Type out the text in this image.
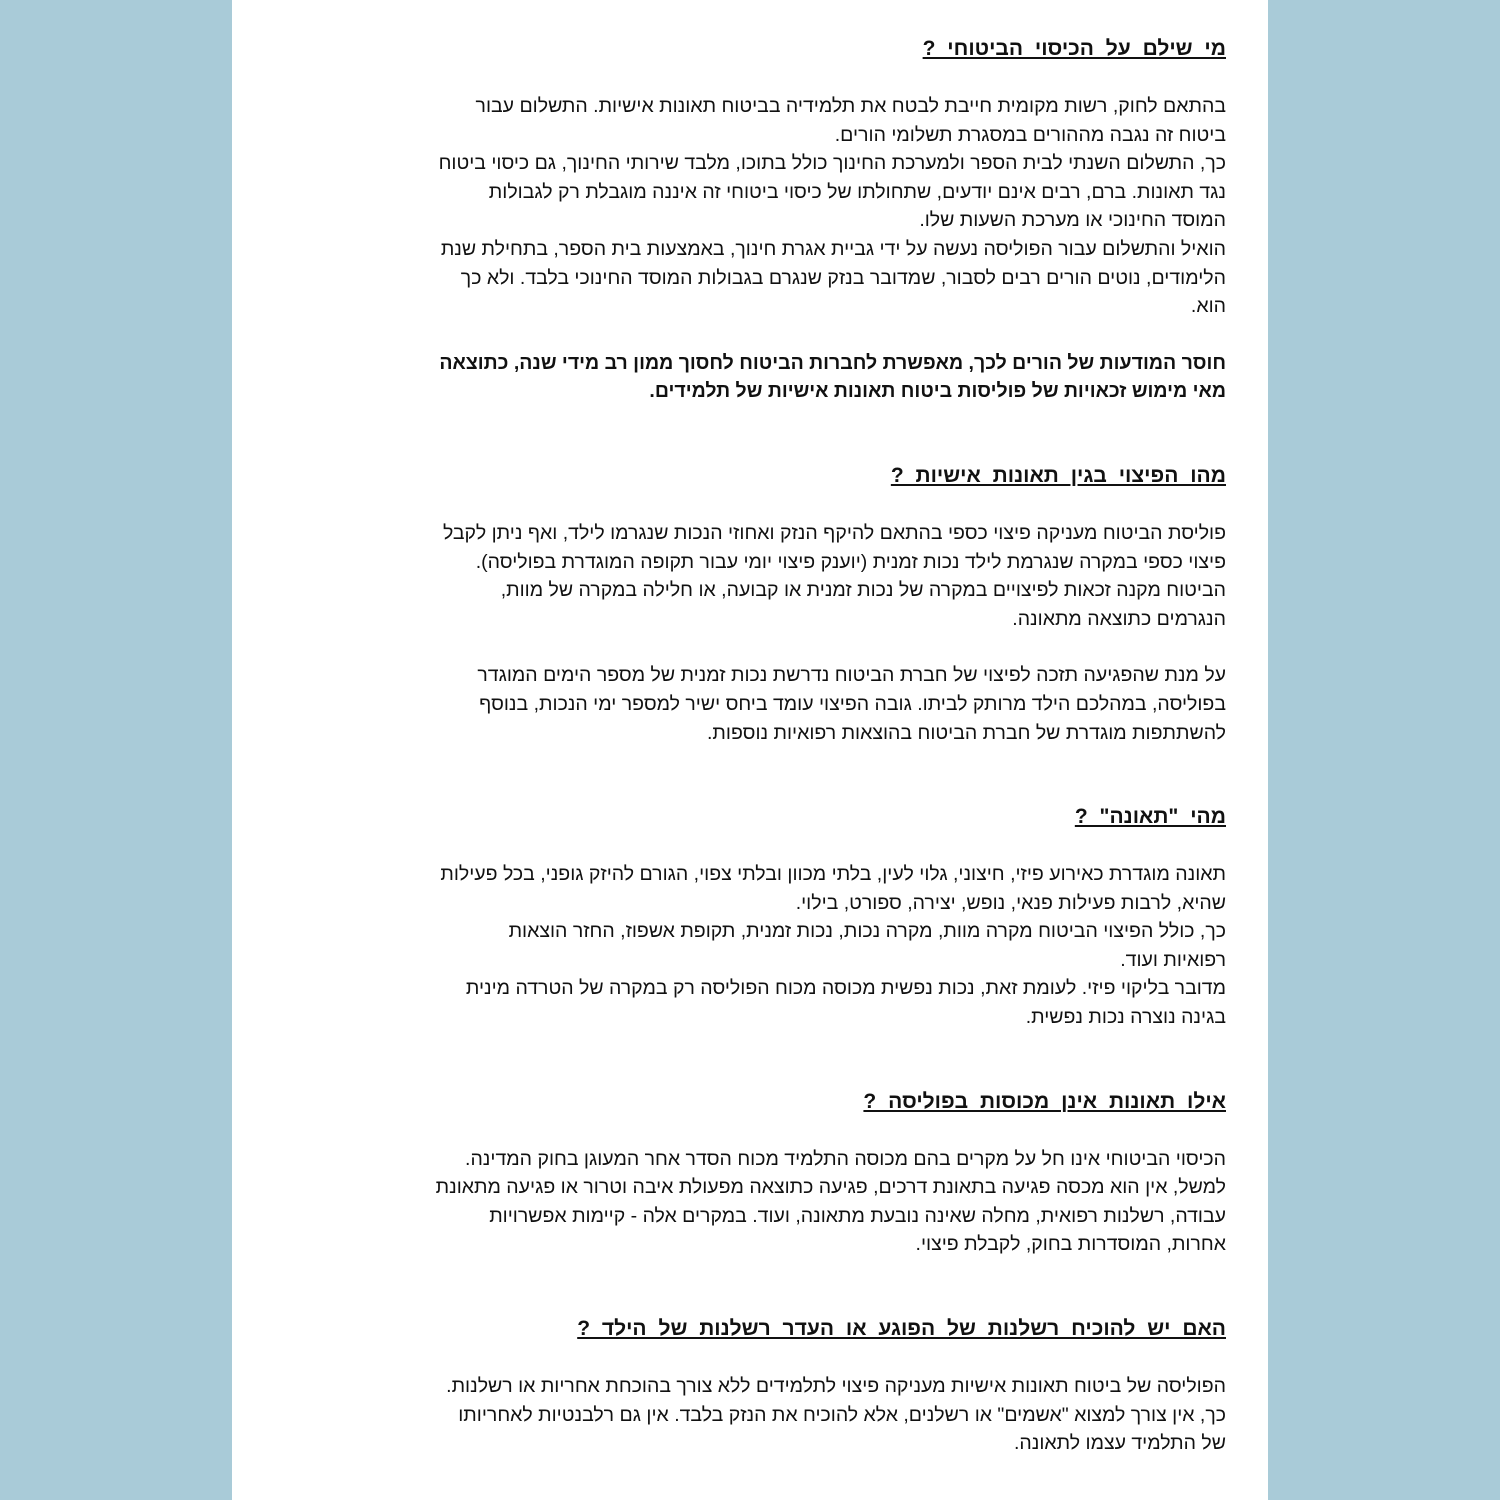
מי שילם על הכיסוי הביטוחי ?

בהתאם לחוק, רשות מקומית חייבת לבטח את תלמידיה בביטוח תאונות אישיות. התשלום עבור

ביטוח זה נגבה מההורים במסגרת תשלומי הורים.

כך, התשלום השנתי לבית הספר ולמערכת החינוך כולל בתוכו, מלבד שירותי החינוך, גם כיסוי ביטוח

נגד תאונות. ברם, רבים אינם יודעים, שתחולתו של כיסוי ביטוחי זה איננה מוגבלת רק לגבולות

המוסד החינוכי או מערכת השעות שלו.

הואיל והתשלום עבור הפוליסה נעשה על ידי גביית אגרת חינוך, באמצעות בית הספר, בתחילת שנת

הלימודים, נוטים הורים רבים לסבור, שמדובר בנזק שנגרם בגבולות המוסד החינוכי בלבד. ולא כך

הוא.

חוסר המודעות של הורים לכך, מאפשרת לחברות הביטוח לחסוך ממון רב מידי שנה, כתוצאה

מאי מימוש זכאויות של פוליסות ביטוח תאונות אישיות של תלמידים.

מהו הפיצוי בגין תאונות אישיות ?

פוליסת הביטוח מעניקה פיצוי כספי בהתאם להיקף הנזק ואחוזי הנכות שנגרמו לילד, ואף ניתן לקבל

פיצוי כספי במקרה שנגרמת לילד נכות זמנית (יוענק פיצוי יומי עבור תקופה המוגדרת בפוליסה).

הביטוח מקנה זכאות לפיצויים במקרה של נכות זמנית או קבועה, או חלילה במקרה של מוות,

הנגרמים כתוצאה מתאונה.

על מנת שהפגיעה תזכה לפיצוי של חברת הביטוח נדרשת נכות זמנית של מספר הימים המוגדר

בפוליסה, במהלכם הילד מרותק לביתו. גובה הפיצוי עומד ביחס ישיר למספר ימי הנכות, בנוסף

להשתתפות מוגדרת של חברת הביטוח בהוצאות רפואיות נוספות.

מהי "תאונה" ?

תאונה מוגדרת כאירוע פיזי, חיצוני, גלוי לעין, בלתי מכוון ובלתי צפוי, הגורם להיזק גופני, בכל פעילות

שהיא, לרבות פעילות פנאי, נופש, יצירה, ספורט, בילוי.

כך, כולל הפיצוי הביטוח מקרה מוות, מקרה נכות, נכות זמנית, תקופת אשפוז, החזר הוצאות

רפואיות ועוד.

מדובר בליקוי פיזי. לעומת זאת, נכות נפשית מכוסה מכוח הפוליסה רק במקרה של הטרדה מינית

בגינה נוצרה נכות נפשית.

אילו תאונות אינן מכוסות בפוליסה ?

הכיסוי הביטוחי אינו חל על מקרים בהם מכוסה התלמיד מכוח הסדר אחר המעוגן בחוק המדינה.

למשל, אין הוא מכסה פגיעה בתאונת דרכים, פגיעה כתוצאה מפעולת איבה וטרור או פגיעה מתאונת

עבודה, רשלנות רפואית, מחלה שאינה נובעת מתאונה, ועוד. במקרים אלה - קיימות אפשרויות

אחרות, המוסדרות בחוק, לקבלת פיצוי.

האם יש להוכיח רשלנות של הפוגע או העדר רשלנות של הילד ?

הפוליסה של ביטוח תאונות אישיות מעניקה פיצוי לתלמידים ללא צורך בהוכחת אחריות או רשלנות.

כך, אין צורך למצוא "אשמים" או רשלנים, אלא להוכיח את הנזק בלבד. אין גם רלבנטיות לאחריותו

של התלמיד עצמו לתאונה.
